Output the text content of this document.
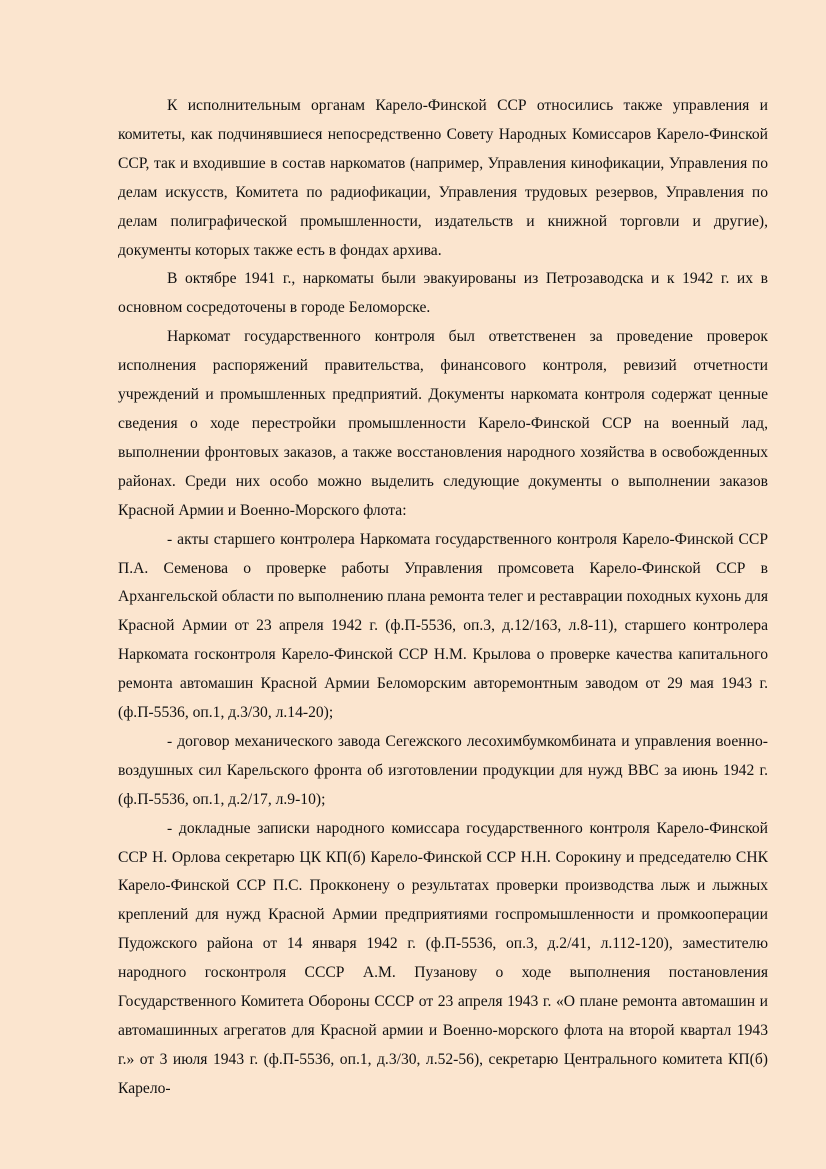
К исполнительным органам Карело-Финской ССР относились также управления и комитеты, как подчинявшиеся непосредственно Совету Народных Комиссаров Карело-Финской ССР, так и входившие в состав наркоматов (например, Управления кинофикации, Управления по делам искусств, Комитета по радиофикации, Управления трудовых резервов, Управления по делам полиграфической промышленности, издательств и книжной торговли и другие), документы которых также есть в фондах архива.

В октябре 1941 г., наркоматы были эвакуированы из Петрозаводска и к 1942 г. их в основном сосредоточены в городе Беломорске.

Наркомат государственного контроля был ответственен за проведение проверок исполнения распоряжений правительства, финансового контроля, ревизий отчетности учреждений и промышленных предприятий. Документы наркомата контроля содержат ценные сведения о ходе перестройки промышленности Карело-Финской ССР на военный лад, выполнении фронтовых заказов, а также восстановления народного хозяйства в освобожденных районах. Среди них особо можно выделить следующие документы о выполнении заказов Красной Армии и Военно-Морского флота:

- акты старшего контролера Наркомата государственного контроля Карело-Финской ССР П.А. Семенова о проверке работы Управления промсовета Карело-Финской ССР в Архангельской области по выполнению плана ремонта телег и реставрации походных кухонь для Красной Армии от 23 апреля 1942 г. (ф.П-5536, оп.3, д.12/163, л.8-11), старшего контролера Наркомата госконтроля Карело-Финской ССР Н.М. Крылова о проверке качества капитального ремонта автомашин Красной Армии Беломорским авторемонтным заводом от 29 мая 1943 г. (ф.П-5536, оп.1, д.3/30, л.14-20);

- договор механического завода Сегежского лесохимбумкомбината и управления военно-воздушных сил Карельского фронта об изготовлении продукции для нужд ВВС за июнь 1942 г. (ф.П-5536, оп.1, д.2/17, л.9-10);

- докладные записки народного комиссара государственного контроля Карело-Финской ССР Н. Орлова секретарю ЦК КП(б) Карело-Финской ССР Н.Н. Сорокину и председателю СНК Карело-Финской ССР П.С. Прокконену о результатах проверки производства лыж и лыжных креплений для нужд Красной Армии предприятиями госпромышленности и промкооперации Пудожского района от 14 января 1942 г. (ф.П-5536, оп.3, д.2/41, л.112-120), заместителю народного госконтроля СССР А.М. Пузанову о ходе выполнения постановления Государственного Комитета Обороны СССР от 23 апреля 1943 г. «О плане ремонта автомашин и автомашинных агрегатов для Красной армии и Военно-морского флота на второй квартал 1943 г.» от 3 июля 1943 г. (ф.П-5536, оп.1, д.3/30, л.52-56), секретарю Центрального комитета КП(б) Карело-
